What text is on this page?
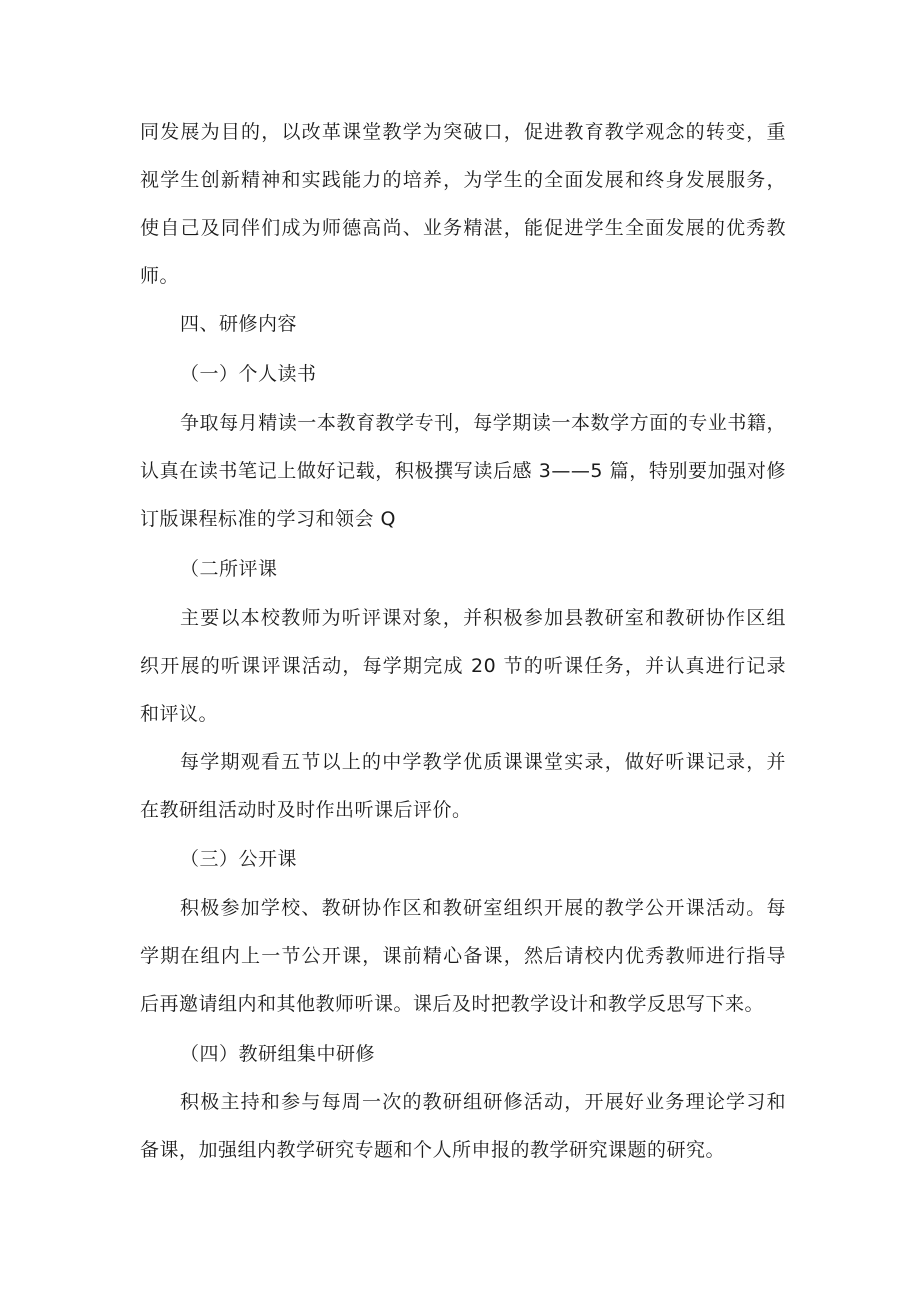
同发展为目的，以改革课堂教学为突破口，促进教育教学观念的转变，重
视学生创新精神和实践能力的培养，为学生的全面发展和终身发展服务，
使自己及同伴们成为师德高尚、业务精湛，能促进学生全面发展的优秀教
师。
四、研修内容
（一）个人读书
争取每月精读一本教育教学专刊，每学期读一本数学方面的专业书籍，
认真在读书笔记上做好记载，积极撰写读后感 3——5 篇，特别要加强对修
订版课程标准的学习和领会 Q
（二所评课
主要以本校教师为听评课对象，并积极参加县教研室和教研协作区组
织开展的听课评课活动，每学期完成 20 节的听课任务，并认真进行记录
和评议。
每学期观看五节以上的中学教学优质课课堂实录，做好听课记录，并
在教研组活动时及时作出听课后评价。
（三）公开课
积极参加学校、教研协作区和教研室组织开展的教学公开课活动。每
学期在组内上一节公开课，课前精心备课，然后请校内优秀教师进行指导
后再邀请组内和其他教师听课。课后及时把教学设计和教学反思写下来。
（四）教研组集中研修
积极主持和参与每周一次的教研组研修活动，开展好业务理论学习和
备课，加强组内教学研究专题和个人所申报的教学研究课题的研究。
